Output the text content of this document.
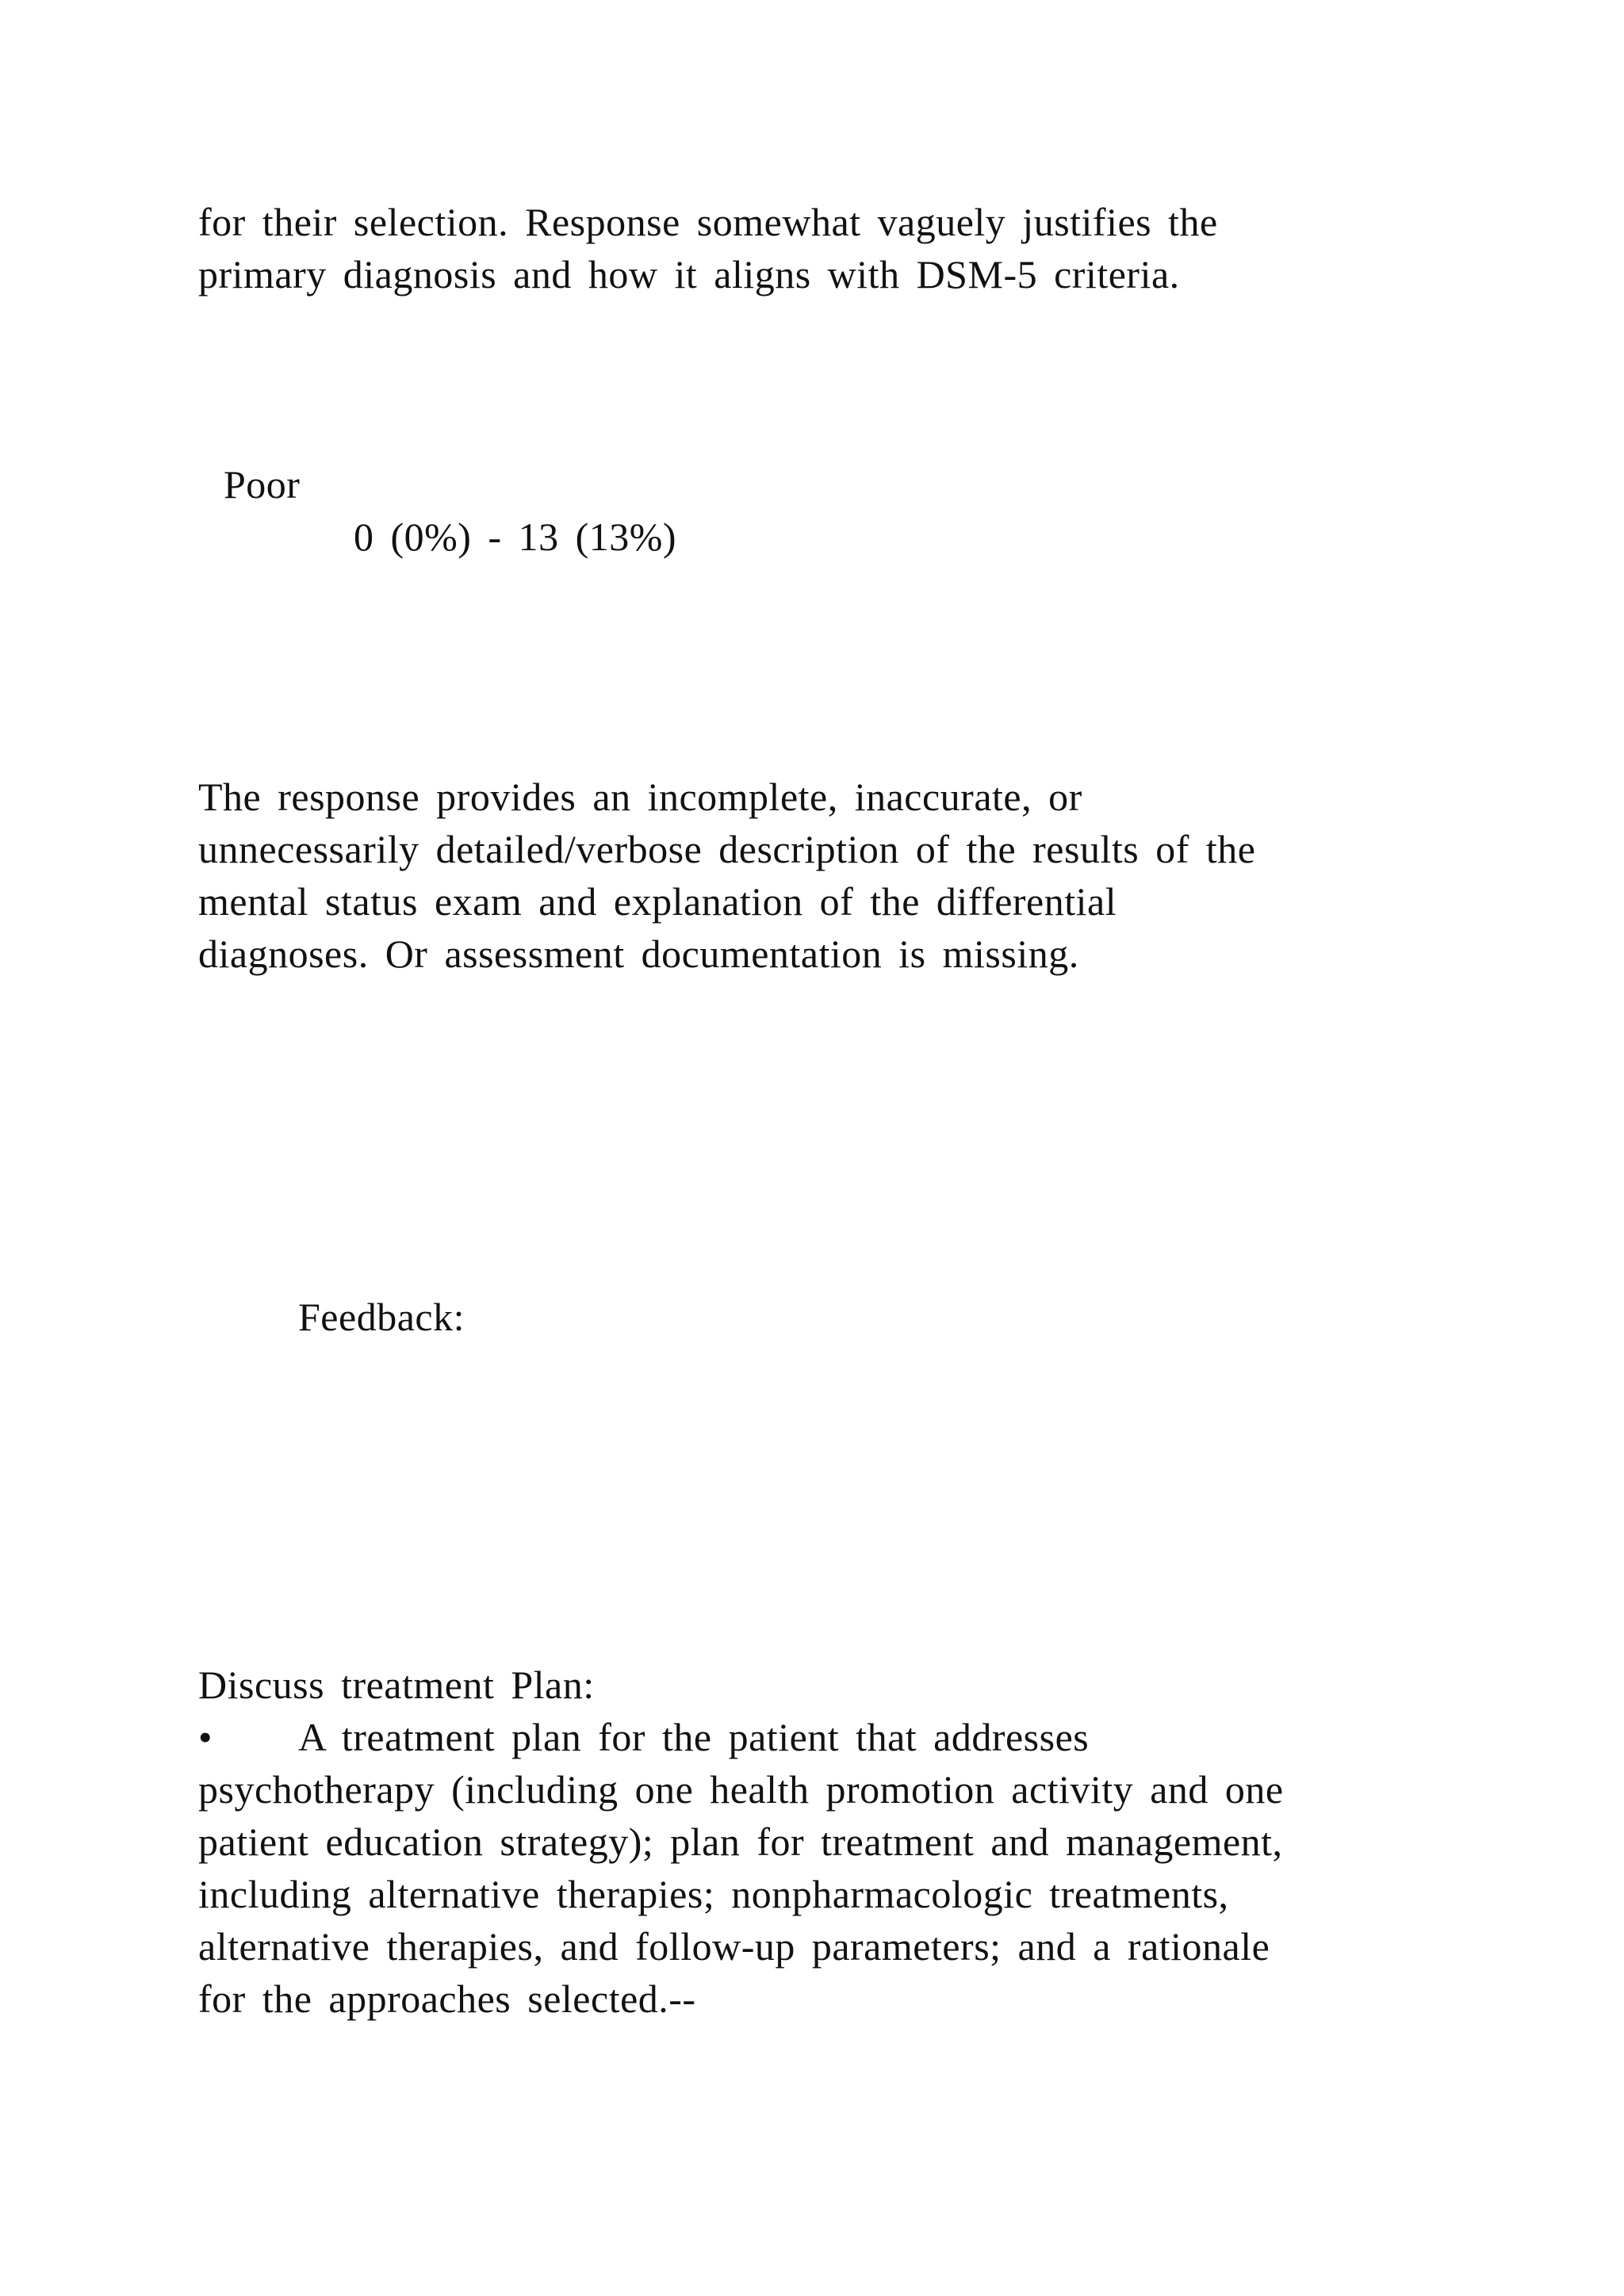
for their selection. Response somewhat vaguely justifies the
primary diagnosis and how it aligns with DSM-5 criteria.
Poor
0 (0%) - 13 (13%)
The response provides an incomplete, inaccurate, or
unnecessarily detailed/verbose description of the results of the
mental status exam and explanation of the differential
diagnoses. Or assessment documentation is missing.
Feedback:
Discuss treatment Plan:
• A treatment plan for the patient that addresses
psychotherapy (including one health promotion activity and one
patient education strategy); plan for treatment and management,
including alternative therapies; nonpharmacologic treatments,
alternative therapies, and follow-up parameters; and a rationale
for the approaches selected.--
